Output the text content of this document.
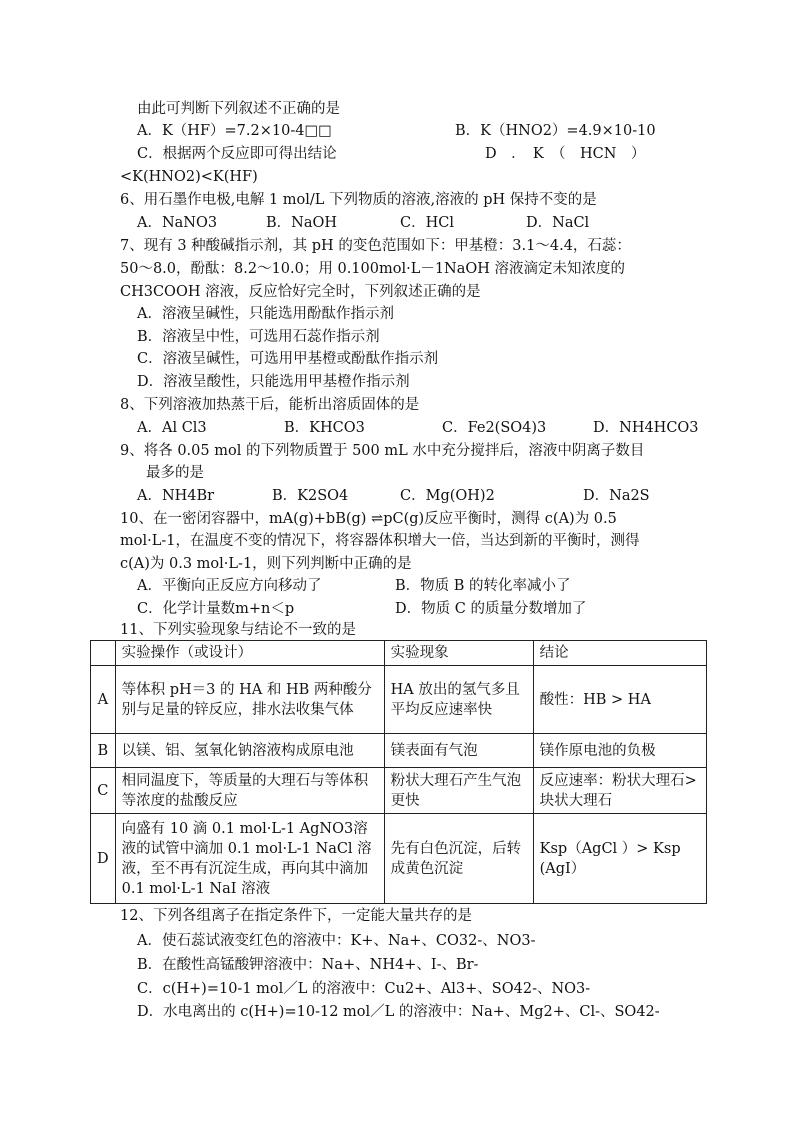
由此可判断下列叙述不正确的是
A．K（HF）=7.2×10-4□□	B．K（HNO2）=4.9×10-10
C．根据两个反应即可得出结论	D　．　K　（　HCN　）
<K(HNO2)<K(HF)
6、用石墨作电极,电解 1 mol/L 下列物质的溶液,溶液的 pH 保持不变的是
A．NaNO3	B．NaOH	C．HCl	D．NaCl
7、现有 3 种酸碱指示剂，其 pH 的变色范围如下：甲基橙：3.1～4.4，石蕊：
50～8.0，酚酞：8.2～10.0；用 0.100mol·L－1NaOH 溶液滴定未知浓度的
CH3COOH 溶液，反应恰好完全时，下列叙述正确的是
A．溶液呈碱性，只能选用酚酞作指示剂
B．溶液呈中性，可选用石蕊作指示剂
C．溶液呈碱性，可选用甲基橙或酚酞作指示剂
D．溶液呈酸性，只能选用甲基橙作指示剂
8、下列溶液加热蒸干后，能析出溶质固体的是
A．Al Cl3	B．KHCO3	C．Fe2(SO4)3	D．NH4HCO3
9、将各 0.05 mol 的下列物质置于 500 mL 水中充分搅拌后，溶液中阴离子数目
最多的是
A．NH4Br	B．K2SO4	C．Mg(OH)2	D．Na2S
10、在一密闭容器中，mA(g)+bB(g) ⇌pC(g)反应平衡时，测得 c(A)为 0.5
mol·L-1，在温度不变的情况下，将容器体积增大一倍，当达到新的平衡时，测得
c(A)为 0.3 mol·L-1，则下列判断中正确的是
A．平衡向正反应方向移动了	B．物质 B 的转化率减小了
C．化学计量数m+n＜p	D．物质 C 的质量分数增加了
11、下列实验现象与结论不一致的是
	实验操作（或设计）	实验现象	结论
A	等体积 pH＝3 的 HA 和 HB 两种酸分别与足量的锌反应，排水法收集气体	HA 放出的氢气多且平均反应速率快	酸性：HB > HA
B	以镁、铝、氢氧化钠溶液构成原电池	镁表面有气泡	镁作原电池的负极
C	相同温度下，等质量的大理石与等体积等浓度的盐酸反应	粉状大理石产生气泡更快	反应速率：粉状大理石>块状大理石
D	向盛有 10 滴 0.1 mol·L-1 AgNO3溶液的试管中滴加 0.1 mol·L-1 NaCl 溶液，至不再有沉淀生成，再向其中滴加 0.1 mol·L-1 NaI 溶液	先有白色沉淀，后转成黄色沉淀	Ksp（AgCl ）> Ksp (AgI）
12、下列各组离子在指定条件下，一定能大量共存的是
A．使石蕊试液变红色的溶液中：K+、Na+、CO32-、NO3-
B．在酸性高锰酸钾溶液中：Na+、NH4+、I-、Br-
C．c(H+)=10-1 mol／L 的溶液中：Cu2+、Al3+、SO42-、NO3-
D．水电离出的 c(H+)=10-12 mol／L 的溶液中：Na+、Mg2+、Cl-、SO42-
